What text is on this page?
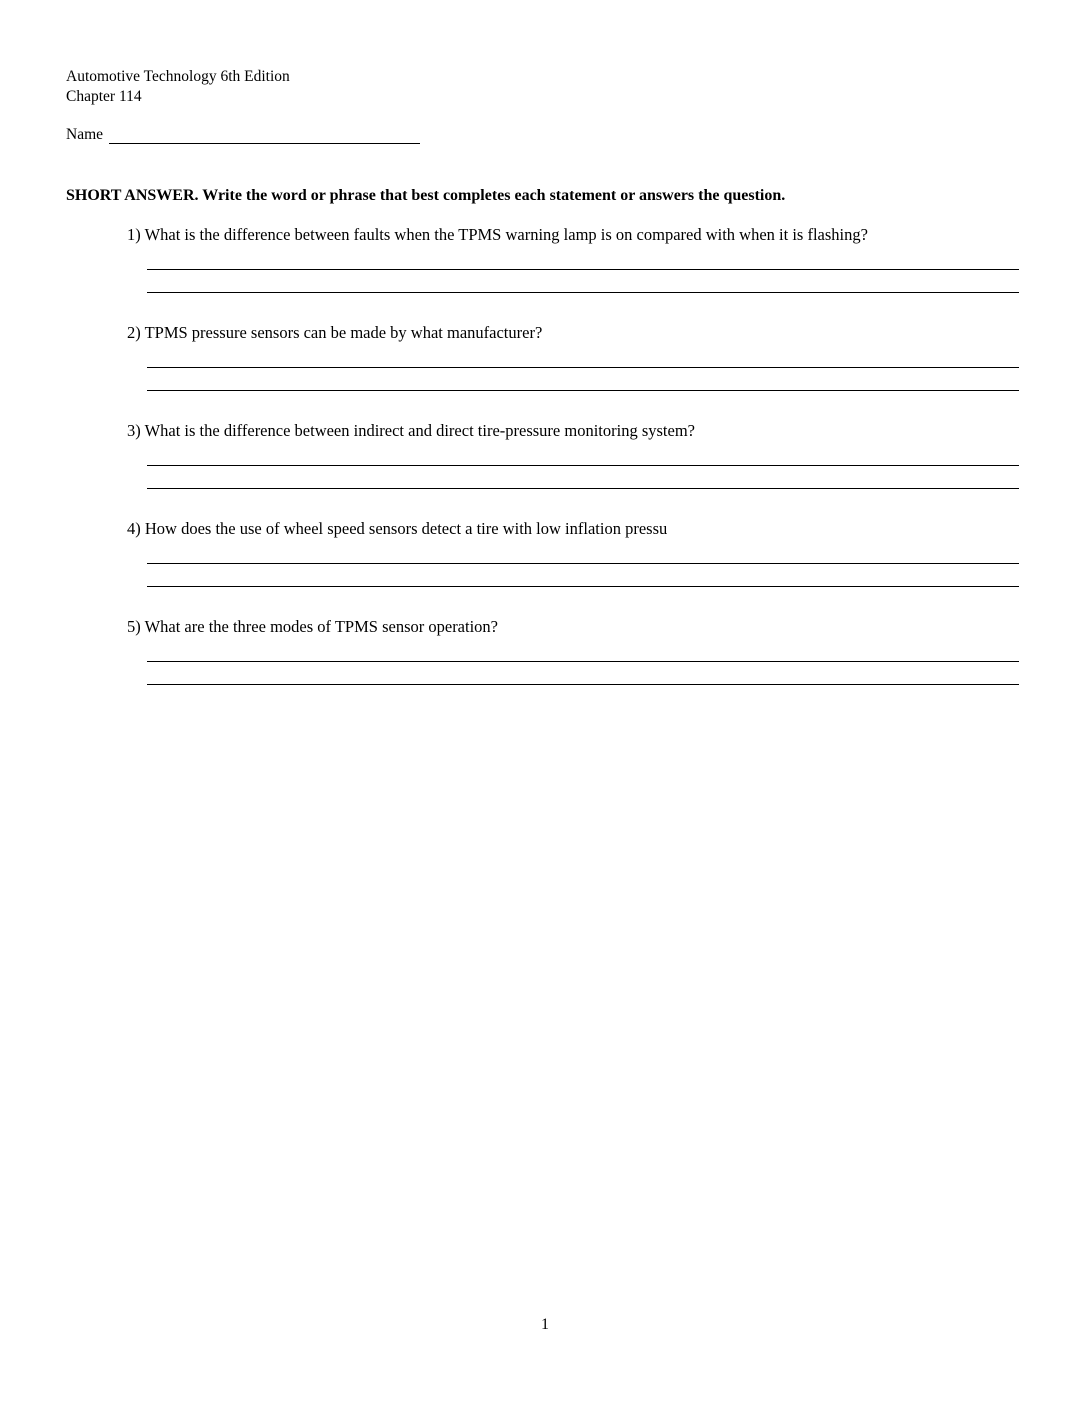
Automotive Technology 6th Edition
Chapter 114
Name
SHORT ANSWER. Write the word or phrase that best completes each statement or answers the question.
1) What is the difference between faults when the TPMS warning lamp is on compared with when it is flashing?
2) TPMS pressure sensors can be made by what manufacturer?
3) What is the difference between indirect and direct tire-pressure monitoring system?
4) How does the use of wheel speed sensors detect a tire with low inflation pressu
5) What are the three modes of TPMS sensor operation?
1
